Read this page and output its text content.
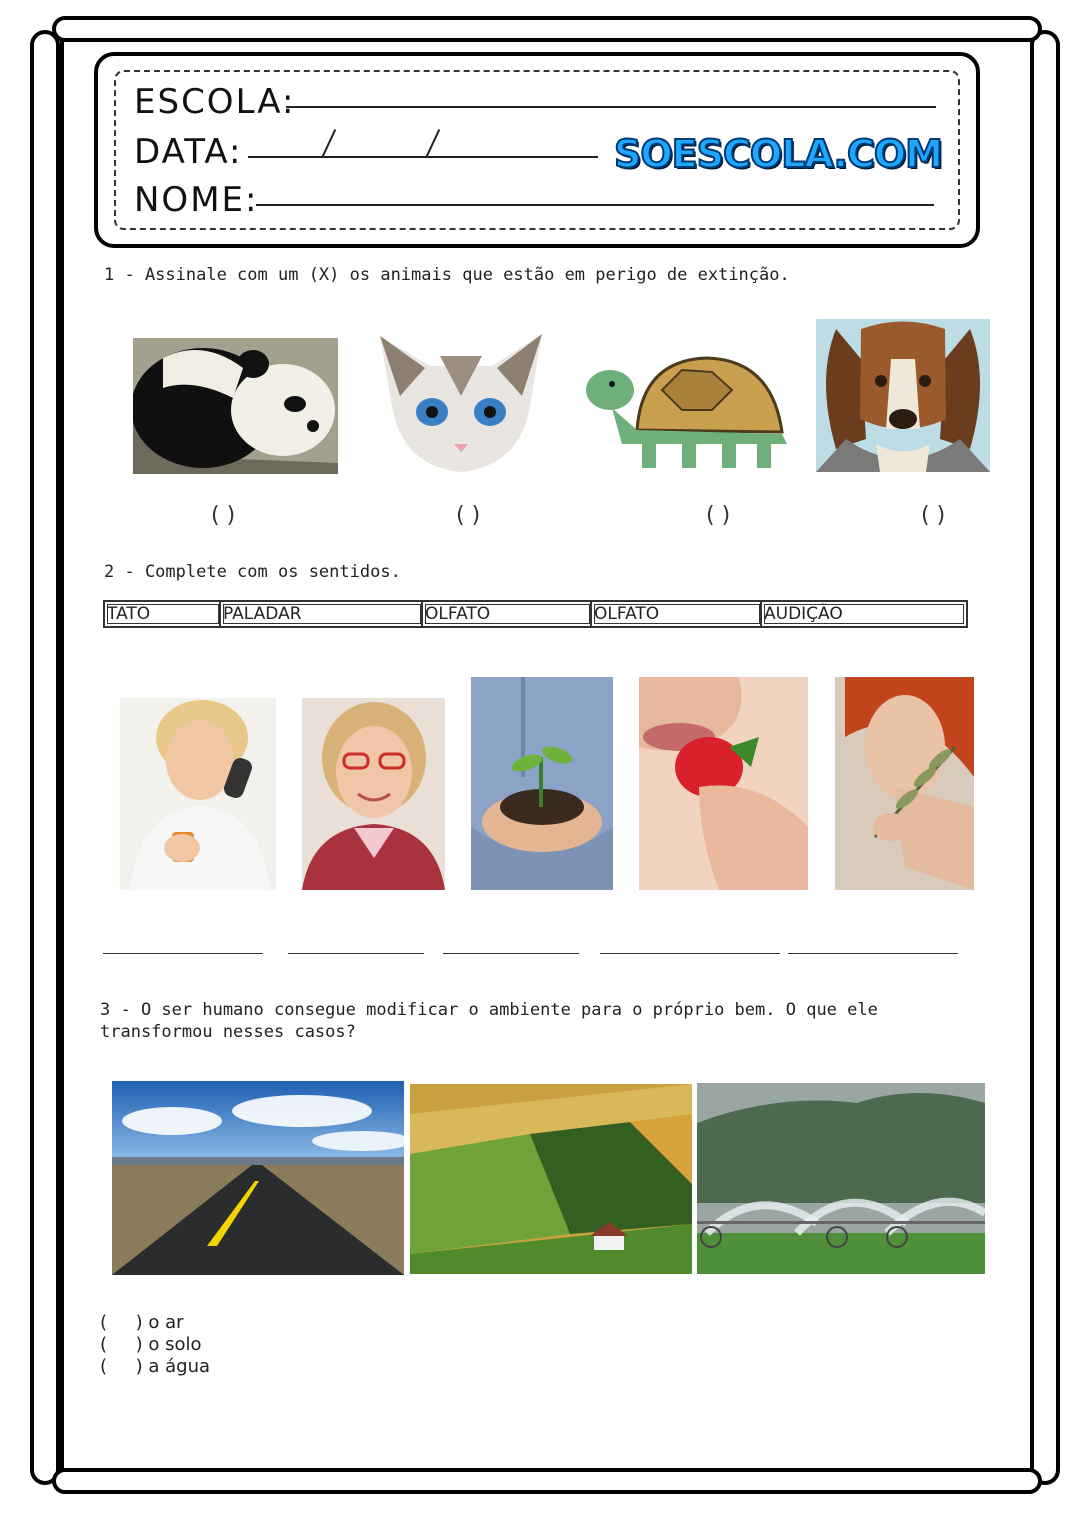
ESCOLA:
DATA:	SOESCOLA.COM
NOME:
1 - Assinale com um (X) os animais que estão em perigo de extinção.
( )	( )	( )	( )
2 - Complete com os sentidos.
TATO	PALADAR	OLFATO	OLFATO	AUDIÇÃO
3 - O ser humano consegue modificar o ambiente para o próprio bem. O que ele
transformou nesses casos?
(     ) o ar
(     ) o solo
(     ) a água
